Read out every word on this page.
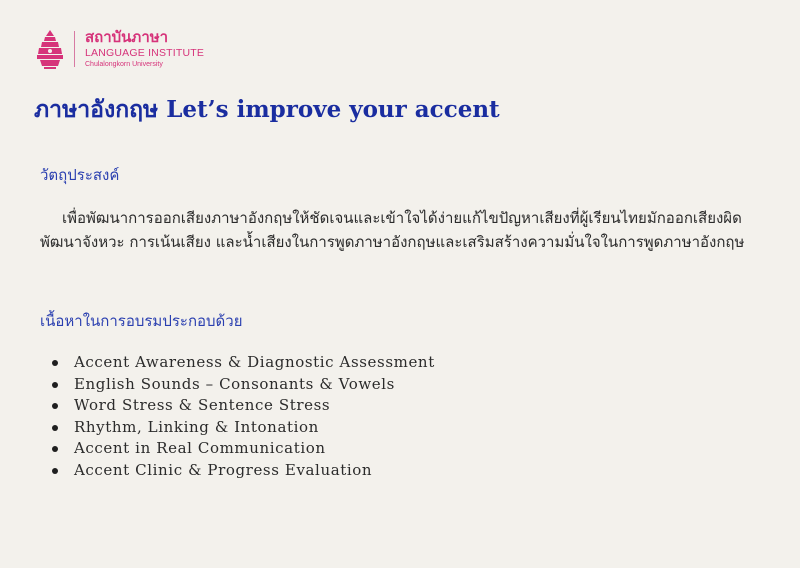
สถาบันภาษา
LANGUAGE INSTITUTE
Chulalongkorn University
ภาษาอังกฤษ Let’s improve your accent
วัตถุประสงค์

เพื่อพัฒนาการออกเสียงภาษาอังกฤษให้ชัดเจนและเข้าใจได้ง่ายแก้ไขปัญหาเสียงที่ผู้เรียนไทยมักออกเสียงผิด พัฒนาจังหวะ การเน้นเสียง และน้ำเสียงในการพูดภาษาอังกฤษและเสริมสร้างความมั่นใจในการพูดภาษาอังกฤษ

เนื้อหาในการอบรมประกอบด้วย
Accent Awareness & Diagnostic Assessment
English Sounds – Consonants & Vowels
Word Stress & Sentence Stress
Rhythm, Linking & Intonation
Accent in Real Communication
Accent Clinic & Progress Evaluation
